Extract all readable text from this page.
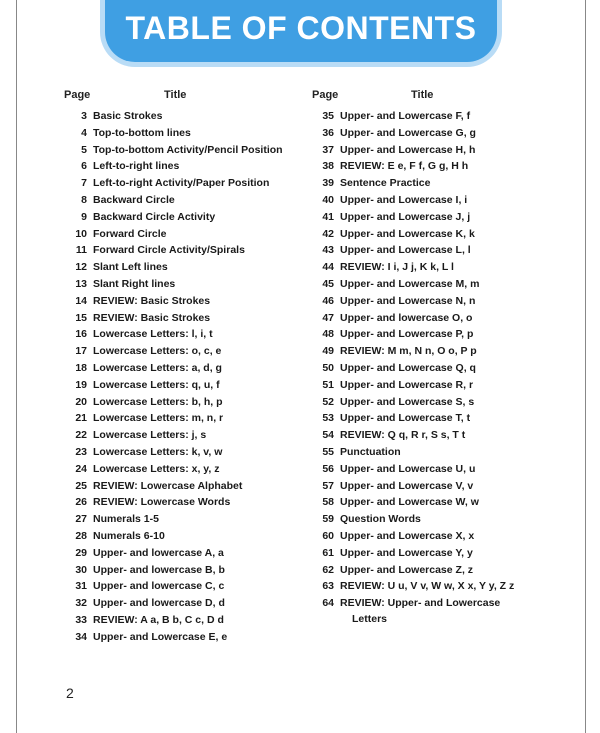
TABLE OF CONTENTS
Page	Title	Page	Title
3 Basic Strokes
4 Top-to-bottom lines
5 Top-to-bottom Activity/Pencil Position
6 Left-to-right lines
7 Left-to-right Activity/Paper Position
8 Backward Circle
9 Backward Circle Activity
10 Forward Circle
11 Forward Circle Activity/Spirals
12 Slant Left lines
13 Slant Right lines
14 REVIEW: Basic Strokes
15 REVIEW: Basic Strokes
16 Lowercase Letters: l, i, t
17 Lowercase Letters: o, c, e
18 Lowercase Letters: a, d, g
19 Lowercase Letters: q, u, f
20 Lowercase Letters: b, h, p
21 Lowercase Letters: m, n, r
22 Lowercase Letters: j, s
23 Lowercase Letters: k, v, w
24 Lowercase Letters: x, y, z
25 REVIEW: Lowercase Alphabet
26 REVIEW: Lowercase Words
27 Numerals 1-5
28 Numerals 6-10
29 Upper- and lowercase A, a
30 Upper- and lowercase B, b
31 Upper- and lowercase C, c
32 Upper- and lowercase D, d
33 REVIEW: A a, B b, C c, D d
34 Upper- and Lowercase E, e
35 Upper- and Lowercase F, f
36 Upper- and Lowercase G, g
37 Upper- and Lowercase H, h
38 REVIEW: E e, F f, G g, H h
39 Sentence Practice
40 Upper- and Lowercase I, i
41 Upper- and Lowercase J, j
42 Upper- and Lowercase K, k
43 Upper- and Lowercase L, l
44 REVIEW: I i, J j, K k, L l
45 Upper- and Lowercase M, m
46 Upper- and Lowercase N, n
47 Upper- and lowercase O, o
48 Upper- and Lowercase P, p
49 REVIEW: M m, N n, O o, P p
50 Upper- and Lowercase Q, q
51 Upper- and Lowercase R, r
52 Upper- and Lowercase S, s
53 Upper- and Lowercase T, t
54 REVIEW: Q q, R r, S s, T t
55 Punctuation
56 Upper- and Lowercase U, u
57 Upper- and Lowercase V, v
58 Upper- and Lowercase W, w
59 Question Words
60 Upper- and Lowercase X, x
61 Upper- and Lowercase Y, y
62 Upper- and Lowercase Z, z
63 REVIEW: U u, V v, W w, X x, Y y, Z z
64 REVIEW: Upper- and Lowercase
Letters
2
